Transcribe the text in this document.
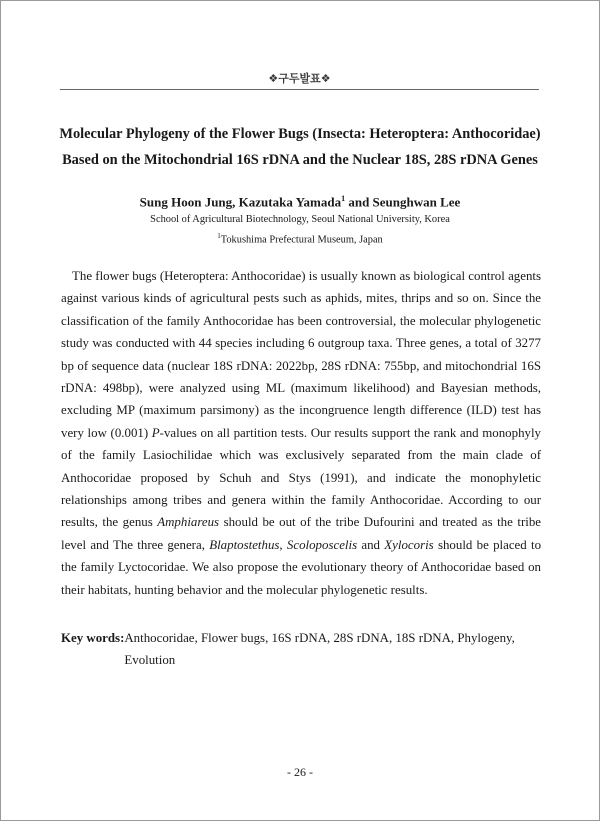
❖구두발표❖
Molecular Phylogeny of the Flower Bugs (Insecta: Heteroptera: Anthocoridae)
Based on the Mitochondrial 16S rDNA and the Nuclear 18S, 28S rDNA Genes
Sung Hoon Jung, Kazutaka Yamada$^1$ and Seunghwan Lee
School of Agricultural Biotechnology, Seoul National University, Korea
$^1$Tokushima Prefectural Museum, Japan

The flower bugs (Heteroptera: Anthocoridae) is usually known as biological control agents against various kinds of agricultural pests such as aphids, mites, thrips and so on. Since the classification of the family Anthocoridae has been controversial, the molecular phylogenetic study was conducted with 44 species including 6 outgroup taxa. Three genes, a total of 3277 bp of sequence data (nuclear 18S rDNA: 2022bp, 28S rDNA: 755bp, and mitochondrial 16S rDNA: 498bp), were analyzed using ML (maximum likelihood) and Bayesian methods, excluding MP (maximum parsimony) as the incongruence length difference (ILD) test has very low (0.001) P-values on all partition tests. Our results support the rank and monophyly of the family Lasiochilidae which was exclusively separated from the main clade of Anthocoridae proposed by Schuh and Stys (1991), and indicate the monophyletic relationships among tribes and genera within the family Anthocoridae. According to our results, the genus Amphiareus should be out of the tribe Dufourini and treated as the tribe level and The three genera, Blaptostethus, Scoloposcelis and Xylocoris should be placed to the family Lyctocoridae. We also propose the evolutionary theory of Anthocoridae based on their habitats, hunting behavior and the molecular phylogenetic results.

Key words: Anthocoridae, Flower bugs, 16S rDNA, 28S rDNA, 18S rDNA, Phylogeny, Evolution
- 26 -
